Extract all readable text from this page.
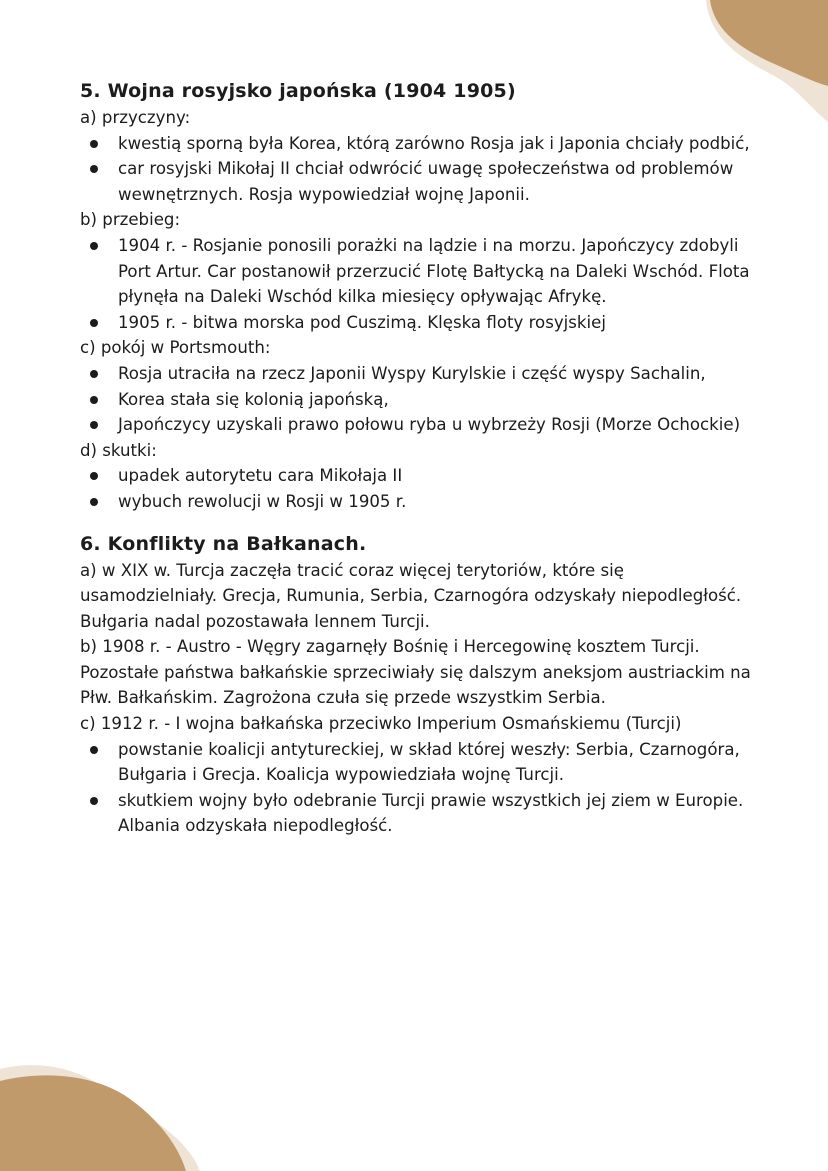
5. Wojna rosyjsko japońska (1904 1905)

a) przyczyny:

kwestią sporną była Korea, którą zarówno Rosja jak i Japonia chciały podbić,
car rosyjski Mikołaj II chciał odwrócić uwagę społeczeństwa od problemów wewnętrznych. Rosja wypowiedział wojnę Japonii.

b) przebieg:

1904 r. - Rosjanie ponosili porażki na lądzie i na morzu. Japończycy zdobyli Port Artur. Car postanowił przerzucić Flotę Bałtycką na Daleki Wschód. Flota płynęła na Daleki Wschód kilka miesięcy opływając Afrykę.
1905 r. - bitwa morska pod Cuszimą. Klęska floty rosyjskiej

c) pokój w Portsmouth:

Rosja utraciła na rzecz Japonii Wyspy Kurylskie i część wyspy Sachalin,
Korea stała się kolonią japońską,
Japończycy uzyskali prawo połowu ryba u wybrzeży Rosji (Morze Ochockie)

d) skutki:

upadek autorytetu cara Mikołaja II
wybuch rewolucji w Rosji w 1905 r.
6. Konflikty na Bałkanach.

a) w XIX w. Turcja zaczęła tracić coraz więcej terytoriów, które się usamodzielniały. Grecja, Rumunia, Serbia, Czarnogóra odzyskały niepodległość. Bułgaria nadal pozostawała lennem Turcji.

b) 1908 r. - Austro - Węgry zagarnęły Bośnię i Hercegowinę kosztem Turcji. Pozostałe państwa bałkańskie sprzeciwiały się dalszym aneksjom austriackim na Płw. Bałkańskim. Zagrożona czuła się przede wszystkim Serbia.

c) 1912 r. - I wojna bałkańska przeciwko Imperium Osmańskiemu (Turcji)

powstanie koalicji antytureckiej, w skład której weszły: Serbia, Czarnogóra, Bułgaria i Grecja. Koalicja wypowiedziała wojnę Turcji.
skutkiem wojny było odebranie Turcji prawie wszystkich jej ziem w Europie. Albania odzyskała niepodległość.
